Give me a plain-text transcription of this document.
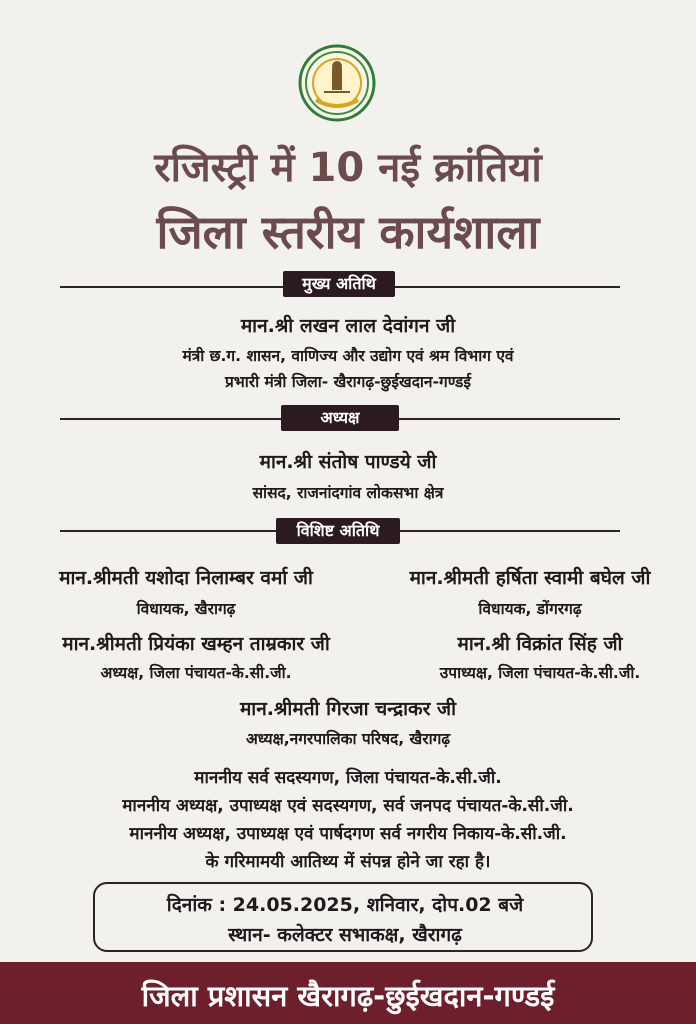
रजिस्ट्री में 10 नई क्रांतियां
जिला स्तरीय कार्यशाला
मुख्य अतिथि
मान.श्री लखन लाल देवांगन जी
मंत्री छ.ग. शासन, वाणिज्य और उद्योग एवं श्रम विभाग एवं
प्रभारी मंत्री जिला- खैरागढ़-छुईखदान-गण्डई
अध्यक्ष
मान.श्री संतोष पाण्डये जी
सांसद, राजनांदगांव लोकसभा क्षेत्र
विशिष्ट अतिथि
मान.श्रीमती यशोदा निलाम्बर वर्मा जी
विधायक, खैरागढ़
मान.श्रीमती हर्षिता स्वामी बघेल जी
विधायक, डोंगरगढ़
मान.श्रीमती प्रियंका खम्हन ताम्रकार जी
अध्यक्ष, जिला पंचायत-के.सी.जी.
मान.श्री विक्रांत सिंह जी
उपाध्यक्ष, जिला पंचायत-के.सी.जी.
मान.श्रीमती गिरजा चन्द्राकर जी
अध्यक्ष,नगरपालिका परिषद, खैरागढ़
माननीय सर्व सदस्यगण, जिला पंचायत-के.सी.जी.
माननीय अध्यक्ष, उपाध्यक्ष एवं सदस्यगण, सर्व जनपद पंचायत-के.सी.जी.
माननीय अध्यक्ष, उपाध्यक्ष एवं पार्षदगण सर्व नगरीय निकाय-के.सी.जी.
के गरिमामयी आतिथ्य में संपन्न होने जा रहा है।
दिनांक : 24.05.2025, शनिवार, दोप.02 बजे
स्थान- कलेक्टर सभाकक्ष, खैरागढ़
जिला प्रशासन खैरागढ़-छुईखदान-गण्डई
